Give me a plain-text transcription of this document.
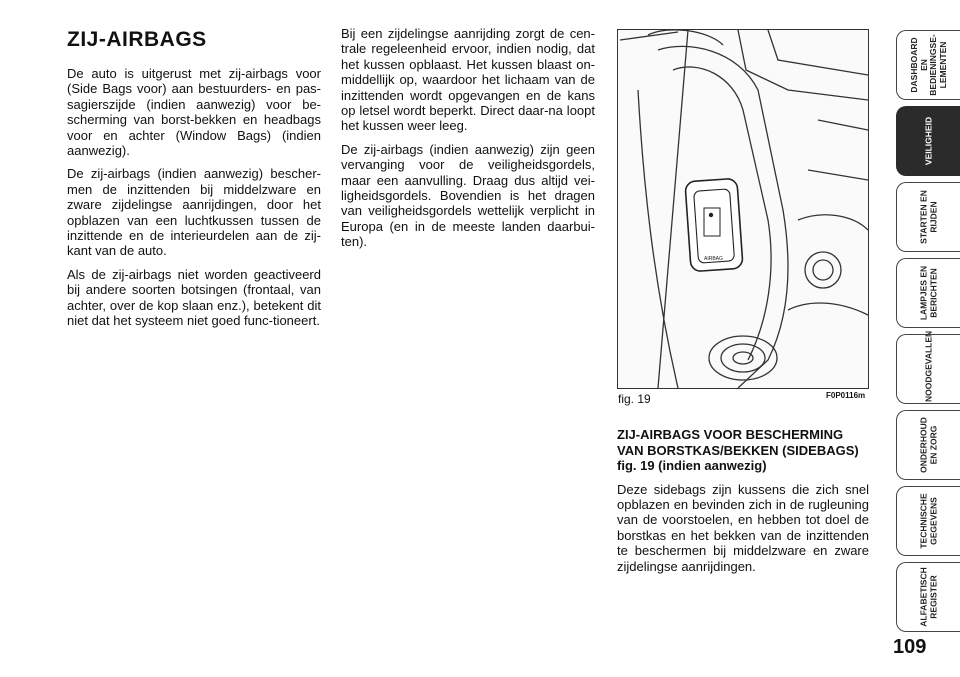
ZIJ-AIRBAGS

De auto is uitgerust met zij-airbags voor (Side Bags voor) aan bestuurders- en pas-sagierszijde (indien aanwezig) voor be-scherming van borst-bekken en headbags voor en achter (Window Bags) (indien aanwezig).

De zij-airbags (indien aanwezig) bescher-men de inzittenden bij middelzware en zware zijdelingse aanrijdingen, door het opblazen van een luchtkussen tussen de inzittende en de interieurdelen aan de zij-kant van de auto.

Als de zij-airbags niet worden geactiveerd bij andere soorten botsingen (frontaal, van achter, over de kop slaan enz.), betekent dit niet dat het systeem niet goed func-tioneert.

Bij een zijdelingse aanrijding zorgt de cen-trale regeleenheid ervoor, indien nodig, dat het kussen opblaast. Het kussen blaast on-middellijk op, waardoor het lichaam van de inzittenden wordt opgevangen en de kans op letsel wordt beperkt. Direct daar-na loopt het kussen weer leeg.

De zij-airbags (indien aanwezig) zijn geen vervanging voor de veiligheidsgordels, maar een aanvulling. Draag dus altijd vei-ligheidsgordels. Bovendien is het dragen van veiligheidsgordels wettelijk verplicht in Europa (en in de meeste landen daarbui-ten).

AIRBAG
fig. 19	F0P0116m
ZIJ-AIRBAGS VOOR BESCHERMING VAN BORSTKAS/BEKKEN (SIDEBAGS) fig. 19 (indien aanwezig)

Deze sidebags zijn kussens die zich snel opblazen en bevinden zich in de rugleuning van de voorstoelen, en hebben tot doel de borstkas en het bekken van de inzittenden te beschermen bij middelzware en zware zijdelingse aanrijdingen.

DASHBOARD EN
BEDIENINGSE-
LEMENTEN
VEILIGHEID
STARTEN EN
RIJDEN
LAMPJES EN
BERICHTEN
NOODGEVALLEN
ONDERHOUD
EN ZORG
TECHNISCHE
GEGEVENS
ALFABETISCH
REGISTER
109
